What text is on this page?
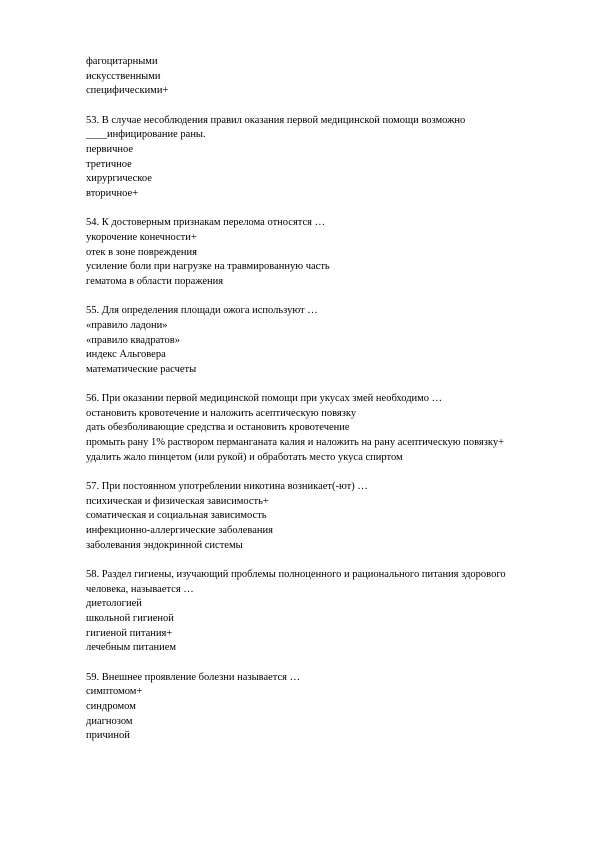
фагоцитарными

искусственными

специфическими+

53. В случае несоблюдения правил оказания первой медицинской помощи возможно ____инфицирование раны.

первичное

третичное

хирургическое

вторичное+

54. К достоверным признакам перелома относятся …

укорочение конечности+

отек в зоне повреждения

усиление боли при нагрузке на травмированную часть

гематома в области поражения

55. Для определения площади ожога используют …

«правило ладони»

«правило квадратов»

индекс Альговера

математические расчеты

56. При оказании первой медицинской помощи при укусах змей необходимо …

остановить кровотечение и наложить асептическую повязку

дать обезболивающие средства и остановить кровотечение

промыть рану 1% раствором перманганата калия и наложить на рану асептическую повязку+

удалить жало пинцетом (или рукой) и обработать место укуса спиртом

57. При постоянном употреблении никотина возникает(-ют) …

психическая и физическая зависимость+

соматическая и социальная зависимость

инфекционно-аллергические заболевания

заболевания эндокринной системы

58. Раздел гигиены, изучающий проблемы полноценного и рационального питания здорового человека, называется …

диетологией

школьной гигиеной

гигиеной питания+

лечебным питанием

59. Внешнее проявление болезни называется …

симптомом+

синдромом

диагнозом

причиной
